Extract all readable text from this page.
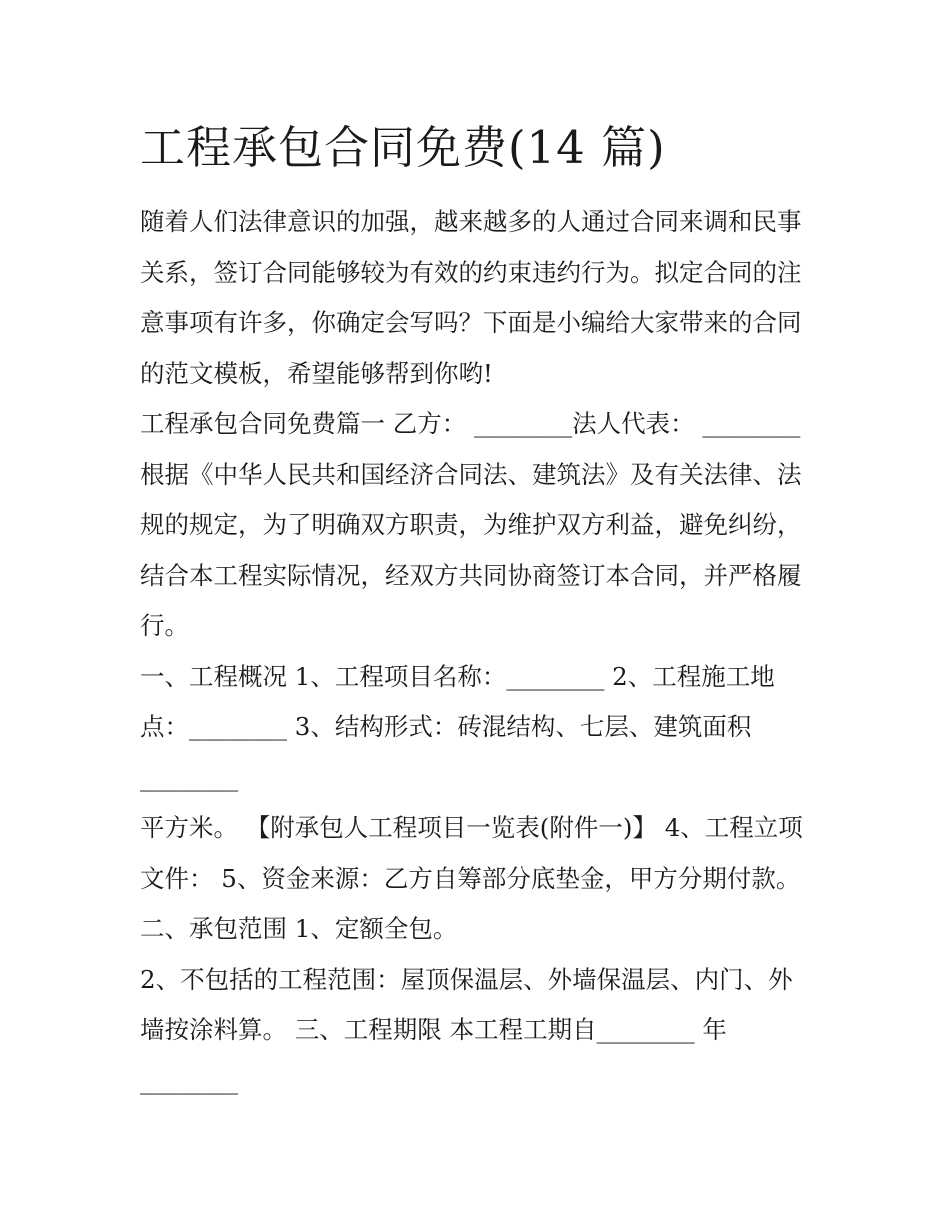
工程承包合同免费(14 篇)

随着人们法律意识的加强，越来越多的人通过合同来调和民事

关系，签订合同能够较为有效的约束违约行为。拟定合同的注

意事项有许多，你确定会写吗？下面是小编给大家带来的合同

的范文模板，希望能够帮到你哟!

工程承包合同免费篇一 乙方： ________法人代表： ________

根据《中华人民共和国经济合同法、建筑法》及有关法律、法

规的规定，为了明确双方职责，为维护双方利益，避免纠纷，

结合本工程实际情况，经双方共同协商签订本合同，并严格履

行。

一、工程概况 1、工程项目名称：________ 2、工程施工地

点：________ 3、结构形式：砖混结构、七层、建筑面积

________

平方米。 【附承包人工程项目一览表(附件一)】 4、工程立项

文件： 5、资金来源：乙方自筹部分底垫金，甲方分期付款。

二、承包范围 1、定额全包。

2、不包括的工程范围：屋顶保温层、外墙保温层、内门、外

墙按涂料算。 三、工程期限 本工程工期自________ 年

________
